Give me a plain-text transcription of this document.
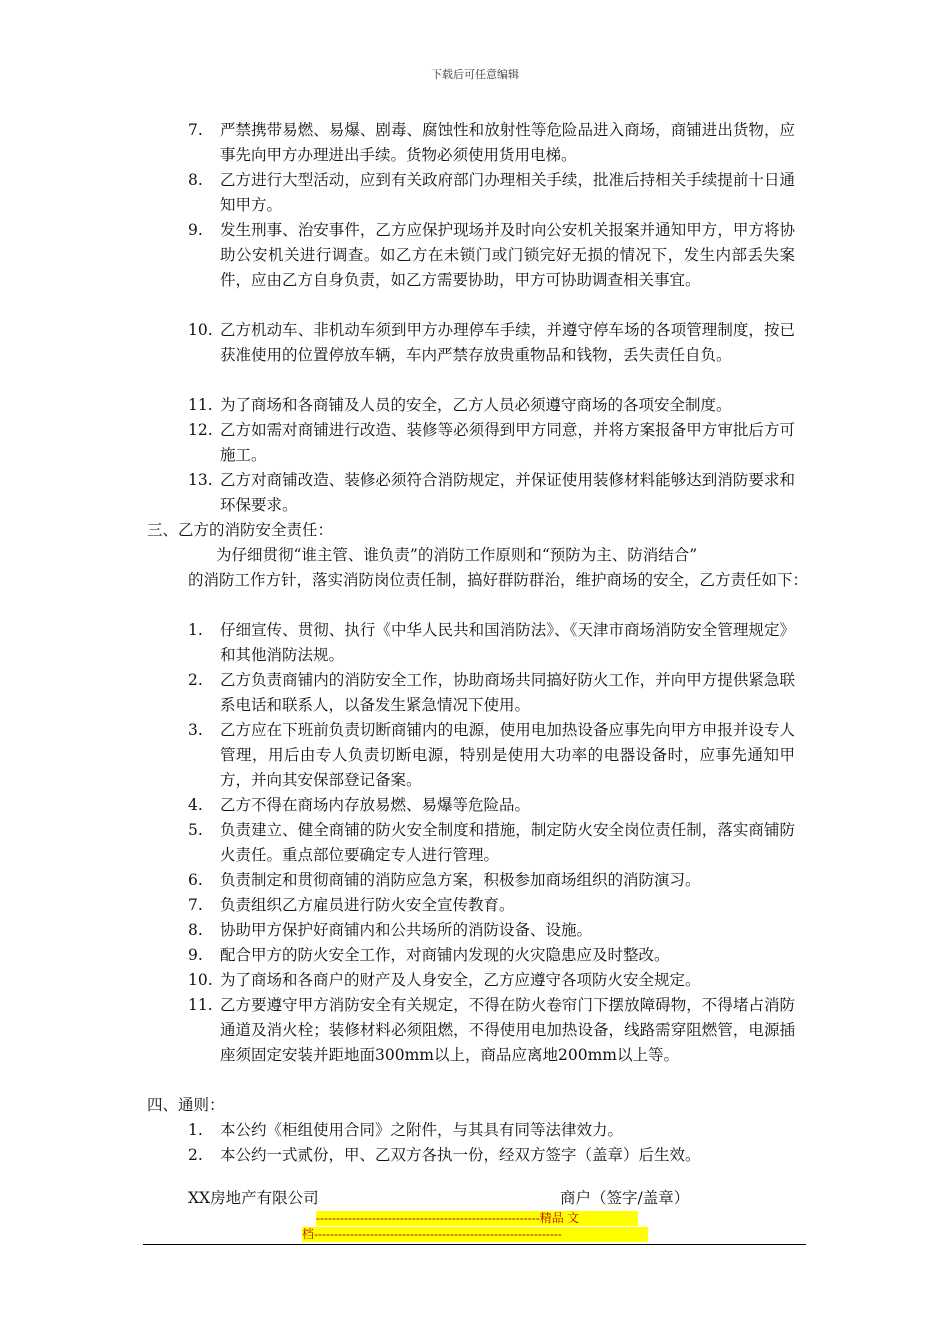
下载后可任意编辑
7. 严禁携带易燃、易爆、剧毒、腐蚀性和放射性等危险品进入商场，商铺进出货物，应事先向甲方办理进出手续。货物必须使用货用电梯。
8. 乙方进行大型活动，应到有关政府部门办理相关手续，批准后持相关手续提前十日通知甲方。
9. 发生刑事、治安事件，乙方应保护现场并及时向公安机关报案并通知甲方，甲方将协助公安机关进行调查。如乙方在未锁门或门锁完好无损的情况下，发生内部丢失案件，应由乙方自身负责，如乙方需要协助，甲方可协助调查相关事宜。
10. 乙方机动车、非机动车须到甲方办理停车手续，并遵守停车场的各项管理制度，按已获准使用的位置停放车辆，车内严禁存放贵重物品和钱物，丢失责任自负。
11. 为了商场和各商铺及人员的安全，乙方人员必须遵守商场的各项安全制度。
12. 乙方如需对商铺进行改造、装修等必须得到甲方同意，并将方案报备甲方审批后方可施工。
13. 乙方对商铺改造、装修必须符合消防规定，并保证使用装修材料能够达到消防要求和环保要求。
三、乙方的消防安全责任：
为仔细贯彻“谁主管、谁负责”的消防工作原则和“预防为主、防消结合”
的消防工作方针，落实消防岗位责任制，搞好群防群治，维护商场的安全，乙方责任如下：
1. 仔细宣传、贯彻、执行《中华人民共和国消防法》、《天津市商场消防安全管理规定》和其他消防法规。
2. 乙方负责商铺内的消防安全工作，协助商场共同搞好防火工作，并向甲方提供紧急联系电话和联系人，以备发生紧急情况下使用。
3. 乙方应在下班前负责切断商铺内的电源，使用电加热设备应事先向甲方申报并设专人管理，用后由专人负责切断电源，特别是使用大功率的电器设备时，应事先通知甲方，并向其安保部登记备案。
4. 乙方不得在商场内存放易燃、易爆等危险品。
5. 负责建立、健全商铺的防火安全制度和措施，制定防火安全岗位责任制，落实商铺防火责任。重点部位要确定专人进行管理。
6. 负责制定和贯彻商铺的消防应急方案，积极参加商场组织的消防演习。
7. 负责组织乙方雇员进行防火安全宣传教育。
8. 协助甲方保护好商铺内和公共场所的消防设备、设施。
9. 配合甲方的防火安全工作，对商铺内发现的火灾隐患应及时整改。
10. 为了商场和各商户的财产及人身安全，乙方应遵守各项防火安全规定。
11. 乙方要遵守甲方消防安全有关规定，不得在防火卷帘门下摆放障碍物，不得堵占消防通道及消火栓；装修材料必须阻燃，不得使用电加热设备，线路需穿阻燃管，电源插座须固定安装并距地面300mm以上，商品应离地200mm以上等。
四、通则：
1. 本公约《柜组使用合同》之附件，与其具有同等法律效力。
2. 本公约一式贰份，甲、乙双方各执一份，经双方签字（盖章）后生效。
XX房地产有限公司	商户（签字/盖章）
--------------------------------------------------------精品 文
档--------------------------------------------------------------
